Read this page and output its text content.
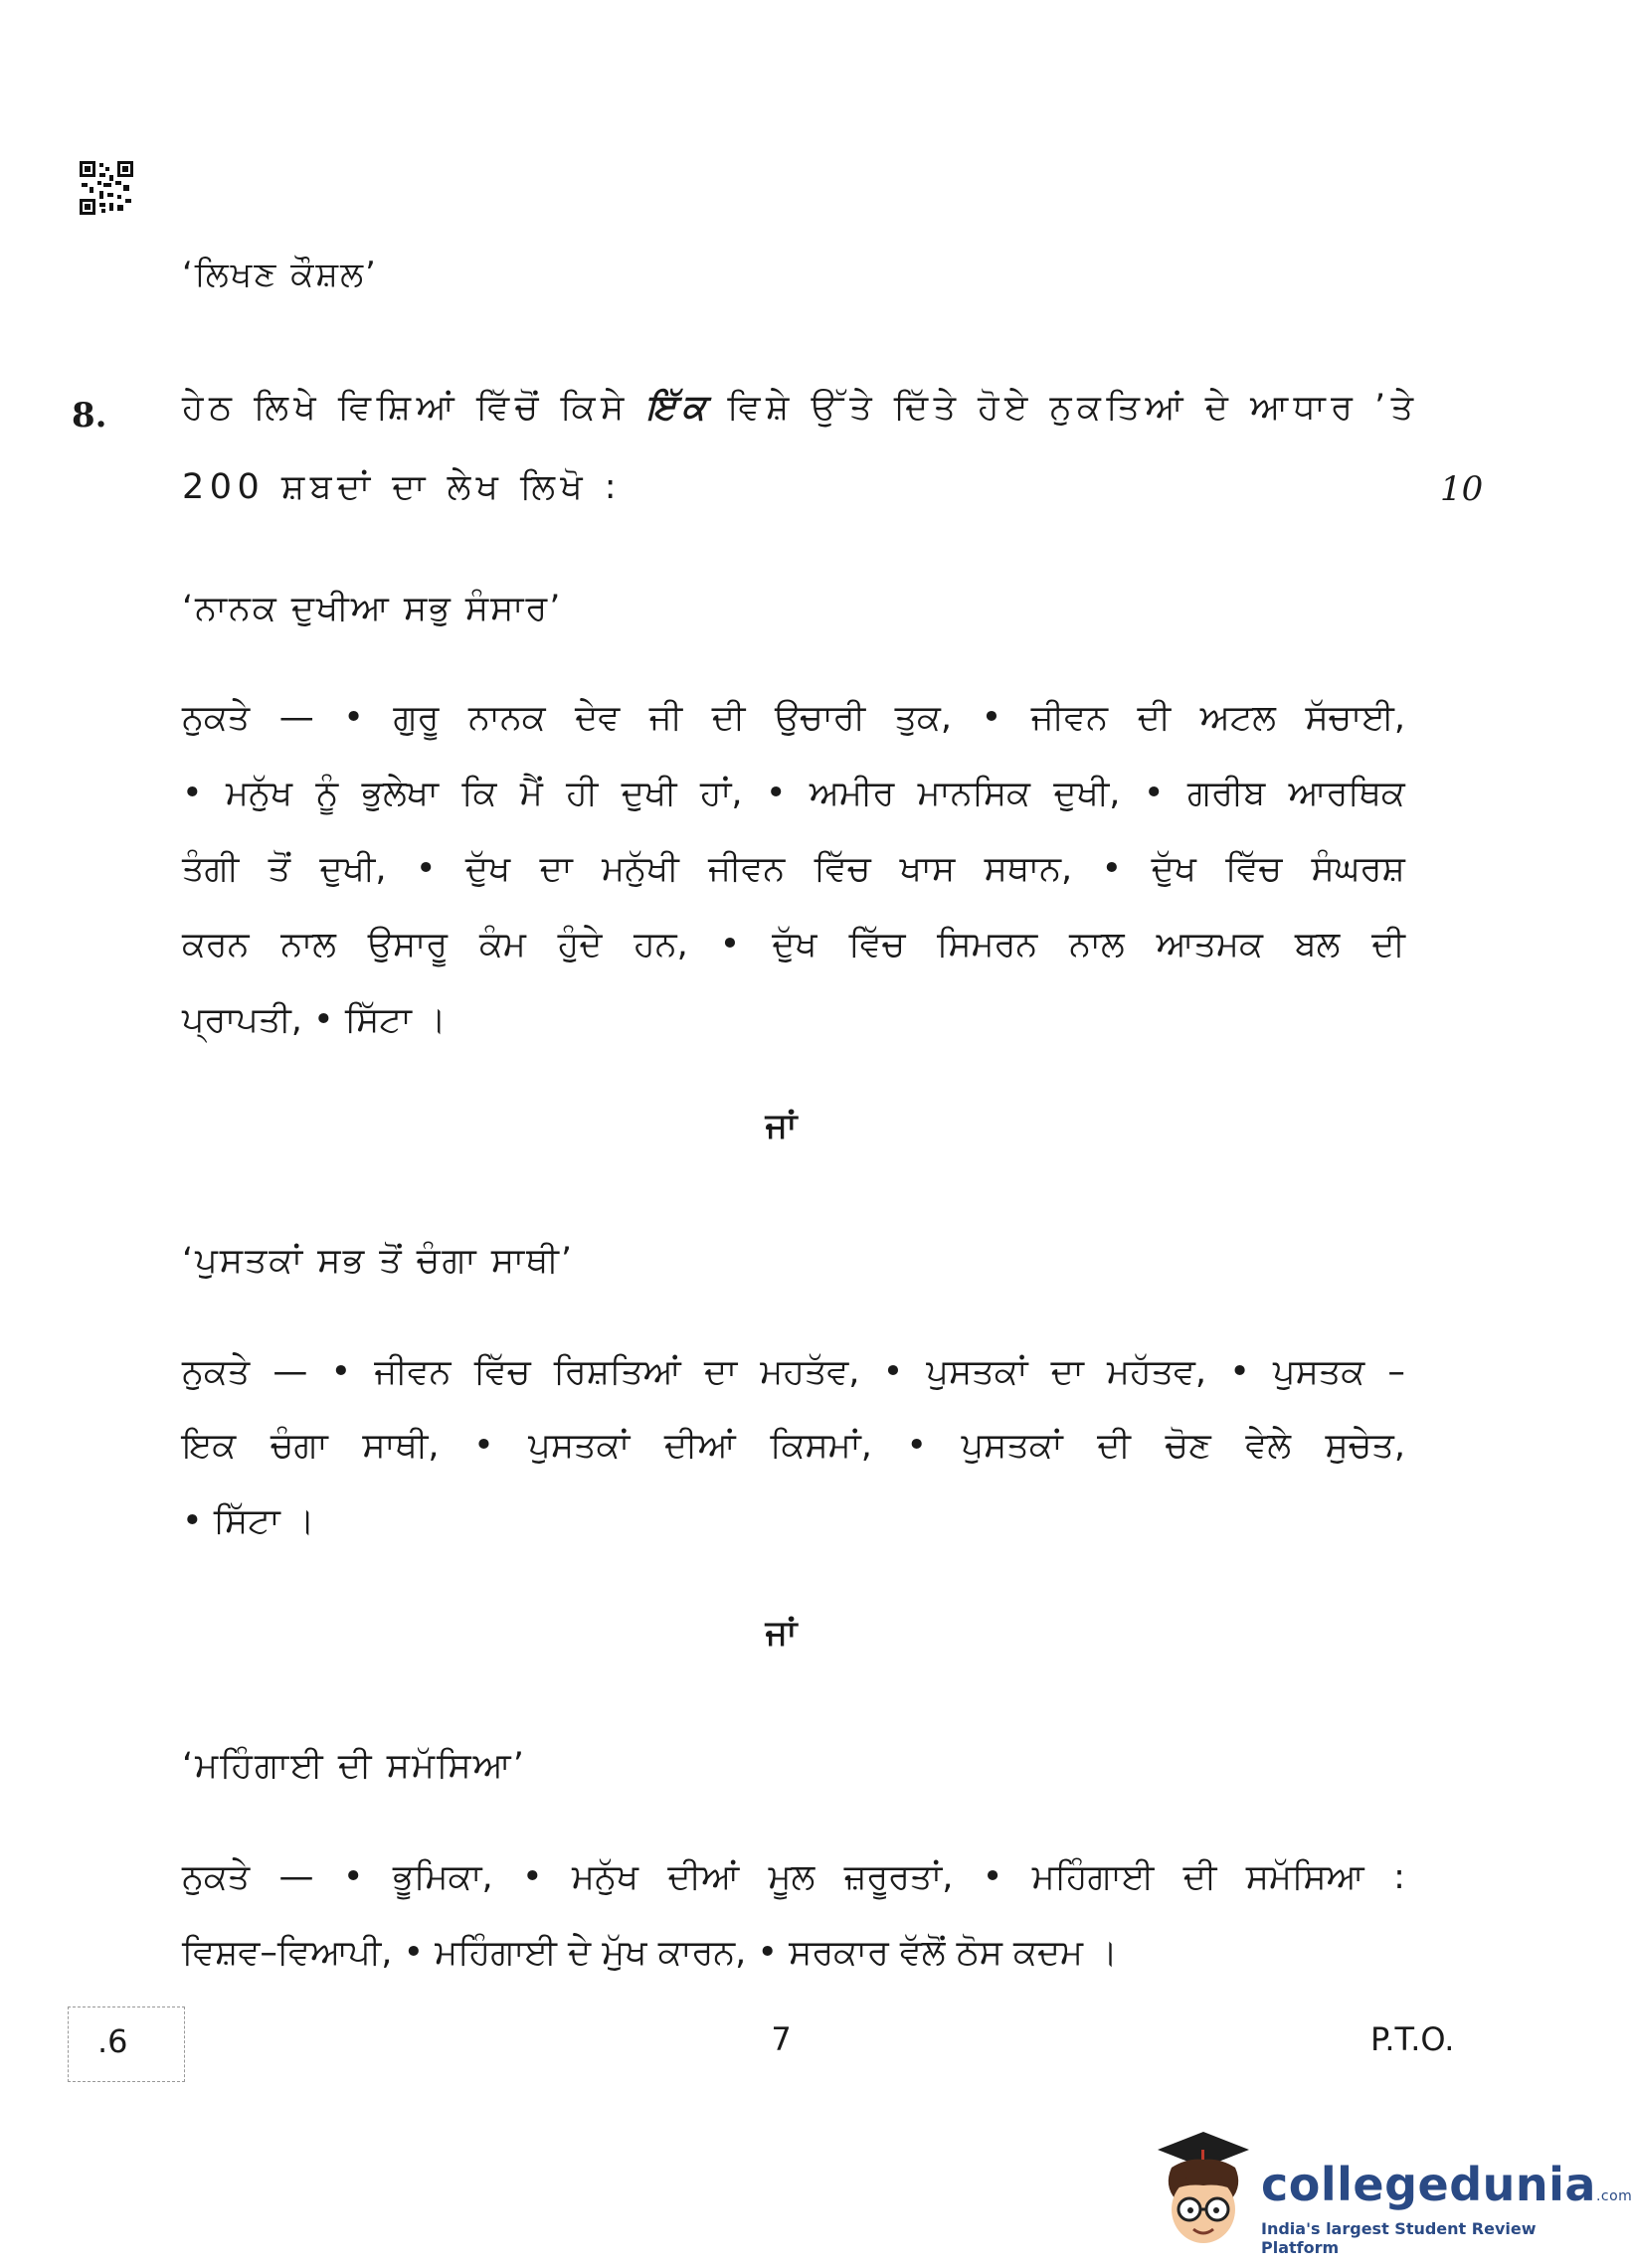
‘ਲਿਖਣ ਕੌਸ਼ਲ’
8. ਹੇਠ ਲਿਖੇ ਵਿਸ਼ਿਆਂ ਵਿੱਚੋਂ ਕਿਸੇ ਇੱਕ ਵਿਸ਼ੇ ਉੱਤੇ ਦਿੱਤੇ ਹੋਏ ਨੁਕਤਿਆਂ ਦੇ ਆਧਾਰ ’ਤੇ
200 ਸ਼ਬਦਾਂ ਦਾ ਲੇਖ ਲਿਖੋ :	10
‘ਨਾਨਕ ਦੁਖੀਆ ਸਭੁ ਸੰਸਾਰ’
ਨੁਕਤੇ — • ਗੁਰੂ ਨਾਨਕ ਦੇਵ ਜੀ ਦੀ ਉਚਾਰੀ ਤੁਕ, • ਜੀਵਨ ਦੀ ਅਟਲ ਸੱਚਾਈ,
• ਮਨੁੱਖ ਨੂੰ ਭੁਲੇਖਾ ਕਿ ਮੈਂ ਹੀ ਦੁਖੀ ਹਾਂ, • ਅਮੀਰ ਮਾਨਸਿਕ ਦੁਖੀ, • ਗਰੀਬ ਆਰਥਿਕ
ਤੰਗੀ ਤੋਂ ਦੁਖੀ, • ਦੁੱਖ ਦਾ ਮਨੁੱਖੀ ਜੀਵਨ ਵਿੱਚ ਖਾਸ ਸਥਾਨ, • ਦੁੱਖ ਵਿੱਚ ਸੰਘਰਸ਼
ਕਰਨ ਨਾਲ ਉਸਾਰੂ ਕੰਮ ਹੁੰਦੇ ਹਨ, • ਦੁੱਖ ਵਿੱਚ ਸਿਮਰਨ ਨਾਲ ਆਤਮਕ ਬਲ ਦੀ
ਪ੍ਰਾਪਤੀ, • ਸਿੱਟਾ ।
ਜਾਂ
‘ਪੁਸਤਕਾਂ ਸਭ ਤੋਂ ਚੰਗਾ ਸਾਥੀ’
ਨੁਕਤੇ — • ਜੀਵਨ ਵਿੱਚ ਰਿਸ਼ਤਿਆਂ ਦਾ ਮਹਤੱਵ, • ਪੁਸਤਕਾਂ ਦਾ ਮਹੱਤਵ, • ਪੁਸਤਕ –
ਇਕ ਚੰਗਾ ਸਾਥੀ, • ਪੁਸਤਕਾਂ ਦੀਆਂ ਕਿਸਮਾਂ, • ਪੁਸਤਕਾਂ ਦੀ ਚੋਣ ਵੇਲੇ ਸੁਚੇਤ,
• ਸਿੱਟਾ ।
ਜਾਂ
‘ਮਹਿੰਗਾਈ ਦੀ ਸਮੱਸਿਆ’
ਨੁਕਤੇ — • ਭੂਮਿਕਾ, • ਮਨੁੱਖ ਦੀਆਂ ਮੂਲ ਜ਼ਰੂਰਤਾਂ, • ਮਹਿੰਗਾਈ ਦੀ ਸਮੱਸਿਆ :
ਵਿਸ਼ਵ–ਵਿਆਪੀ, • ਮਹਿੰਗਾਈ ਦੇ ਮੁੱਖ ਕਾਰਨ, • ਸਰਕਾਰ ਵੱਲੋਂ ਠੋਸ ਕਦਮ ।
.6	7	P.T.O.
collegedunia.com
India's largest Student Review Platform
